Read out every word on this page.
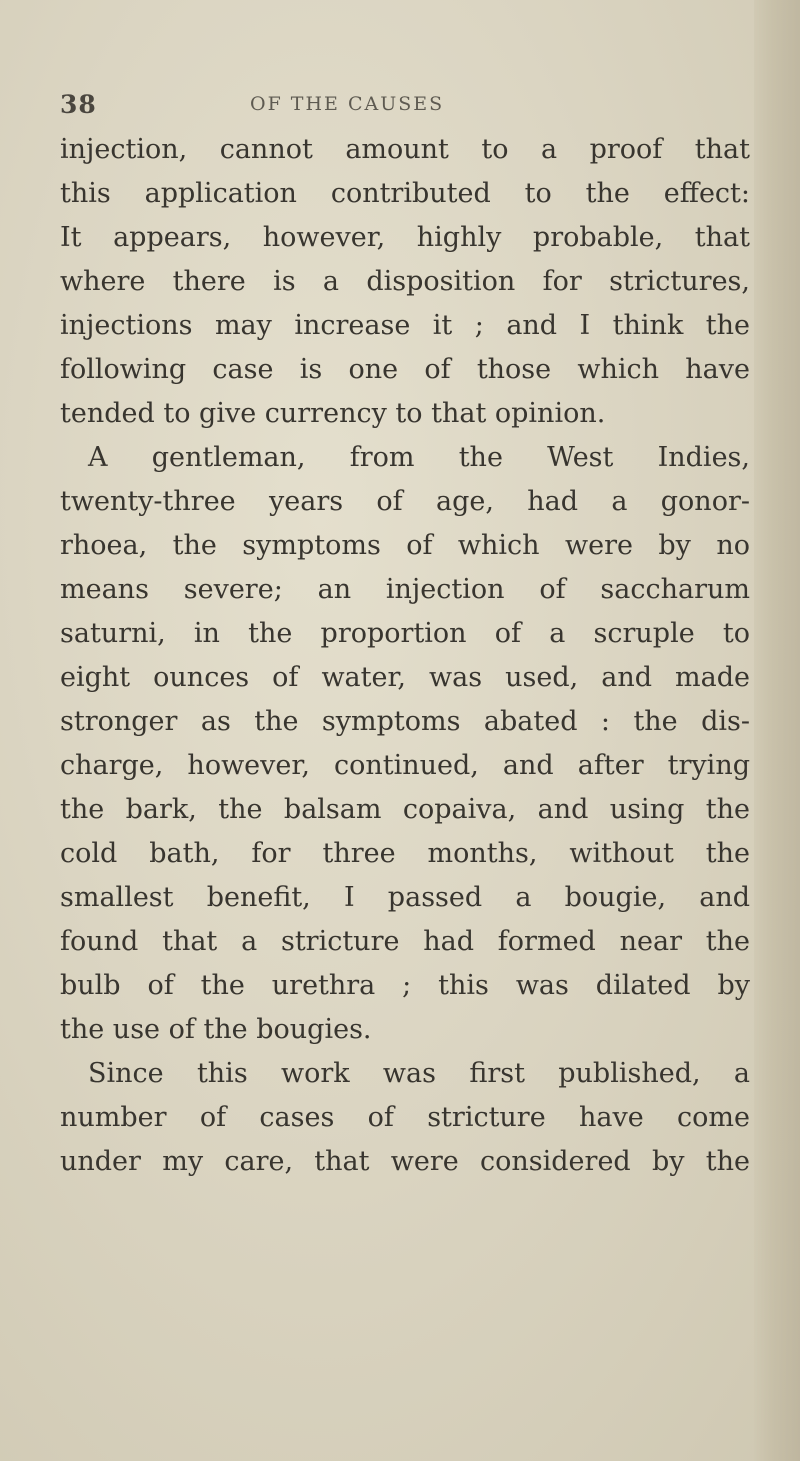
38	OF THE CAUSES
injection, cannot amount to a proof that
this application contributed to the effect:
It appears, however, highly probable, that
where there is a disposition for strictures,
injections may increase it ; and I think the
following case is one of those which have
tended to give currency to that opinion.
A gentleman, from the West Indies,
twenty-three years of age, had a gonor-
rhoea, the symptoms of which were by no
means severe; an injection of saccharum
saturni, in the proportion of a scruple to
eight ounces of water, was used, and made
stronger as the symptoms abated : the dis-
charge, however, continued, and after trying
the bark, the balsam copaiva, and using the
cold bath, for three months, without the
smallest benefit, I passed a bougie, and
found that a stricture had formed near the
bulb of the urethra ; this was dilated by
the use of the bougies.
Since this work was first published, a
number of cases of stricture have come
under my care, that were considered by the
